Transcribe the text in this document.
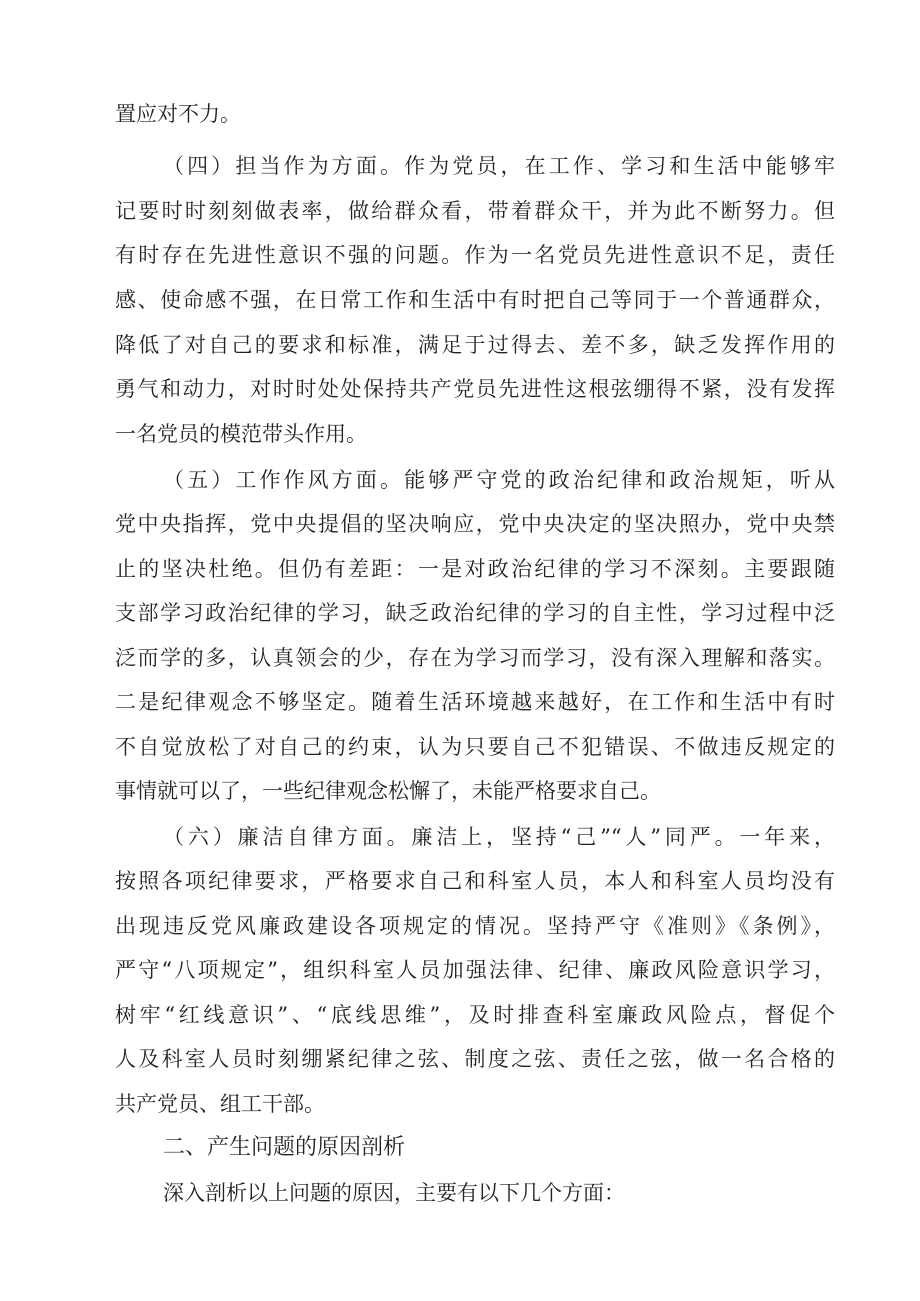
置应对不力。
（四）担当作为方面。作为党员，在工作、学习和生活中能够牢
记要时时刻刻做表率，做给群众看，带着群众干，并为此不断努力。但
有时存在先进性意识不强的问题。作为一名党员先进性意识不足，责任
感、使命感不强，在日常工作和生活中有时把自己等同于一个普通群众，
降低了对自己的要求和标准，满足于过得去、差不多，缺乏发挥作用的
勇气和动力，对时时处处保持共产党员先进性这根弦绷得不紧，没有发挥
一名党员的模范带头作用。
（五）工作作风方面。能够严守党的政治纪律和政治规矩，听从
党中央指挥，党中央提倡的坚决响应，党中央决定的坚决照办，党中央禁
止的坚决杜绝。但仍有差距：一是对政治纪律的学习不深刻。主要跟随
支部学习政治纪律的学习，缺乏政治纪律的学习的自主性，学习过程中泛
泛而学的多，认真领会的少，存在为学习而学习，没有深入理解和落实。
二是纪律观念不够坚定。随着生活环境越来越好，在工作和生活中有时
不自觉放松了对自己的约束，认为只要自己不犯错误、不做违反规定的
事情就可以了，一些纪律观念松懈了，未能严格要求自己。
（六）廉洁自律方面。廉洁上，坚持“己”“人”同严。一年来，
按照各项纪律要求，严格要求自己和科室人员，本人和科室人员均没有
出现违反党风廉政建设各项规定的情况。坚持严守《准则》《条例》，
严守“八项规定”，组织科室人员加强法律、纪律、廉政风险意识学习，
树牢“红线意识”、“底线思维”，及时排查科室廉政风险点，督促个
人及科室人员时刻绷紧纪律之弦、制度之弦、责任之弦，做一名合格的
共产党员、组工干部。
二、产生问题的原因剖析
深入剖析以上问题的原因，主要有以下几个方面：
